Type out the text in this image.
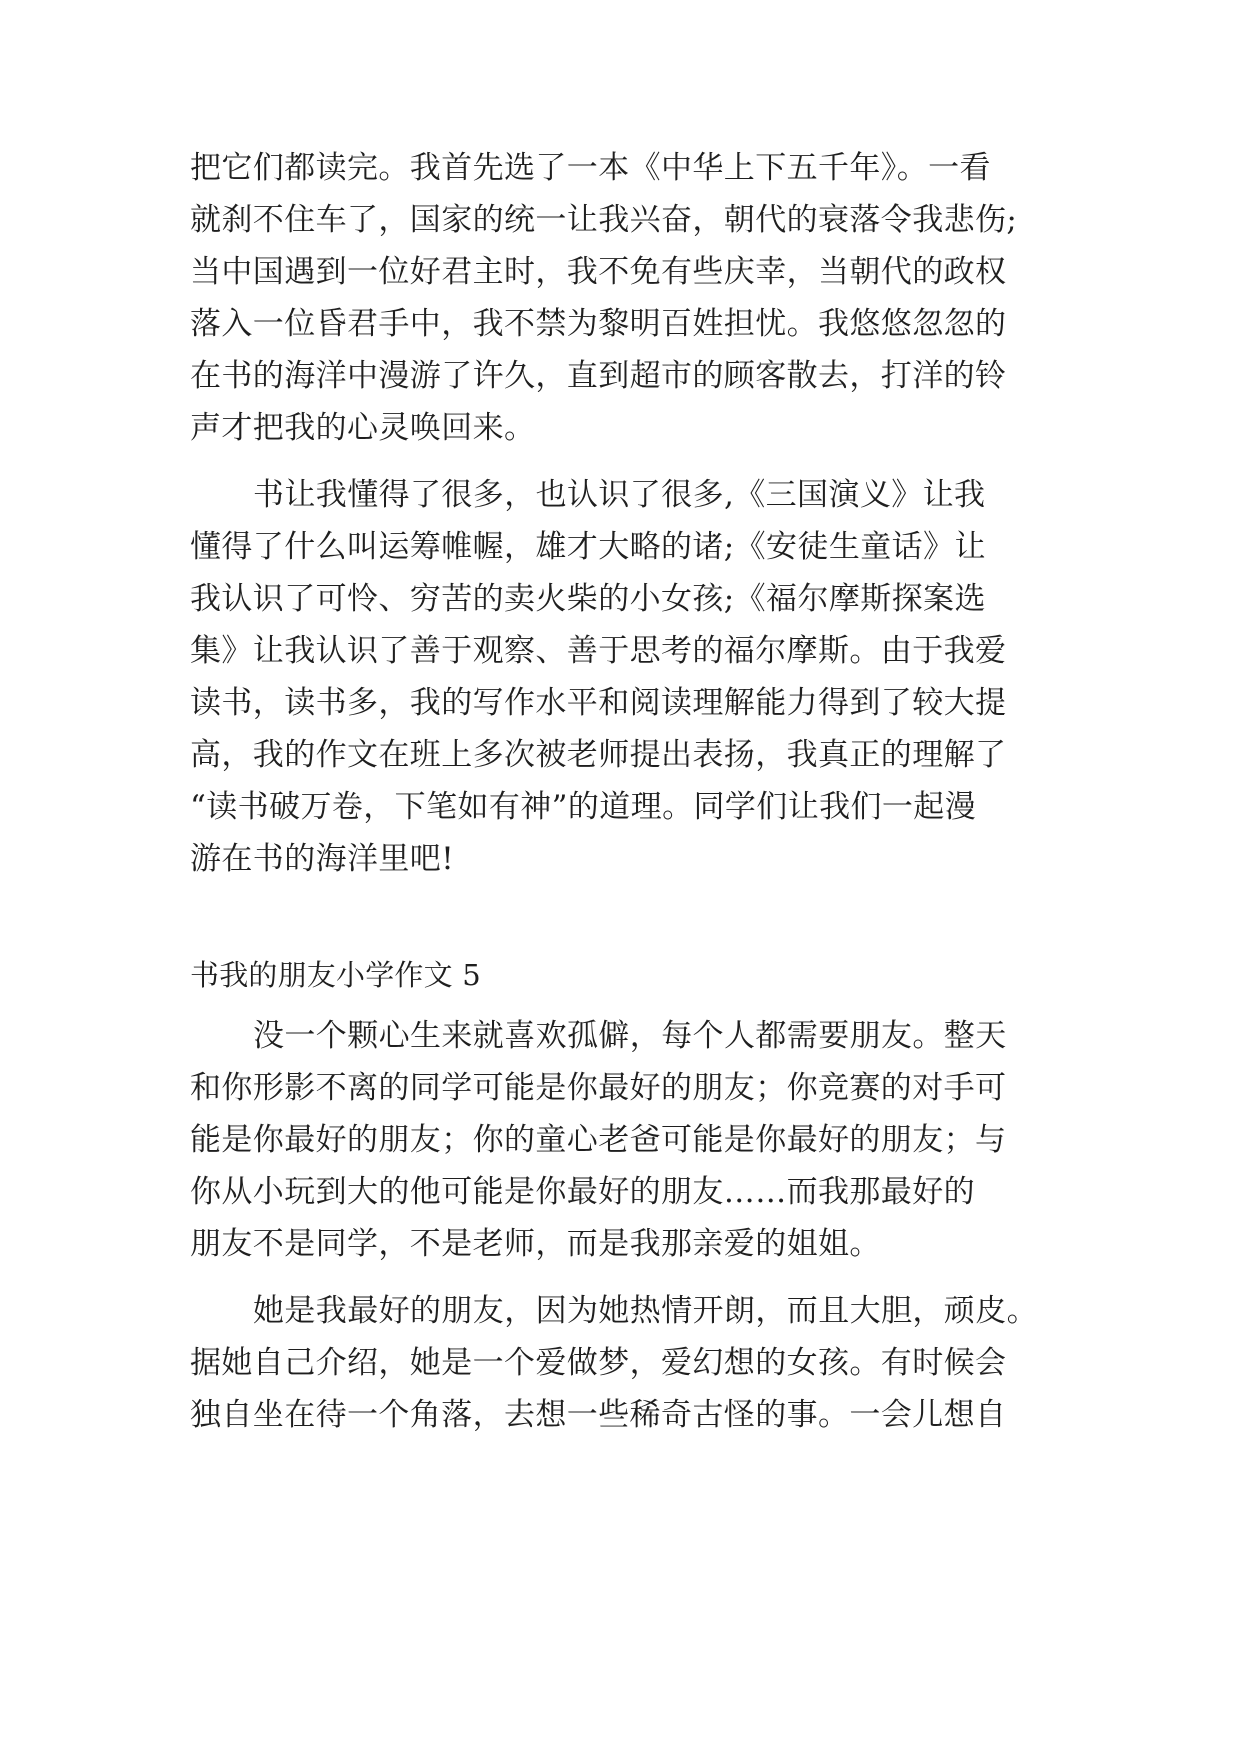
把它们都读完。我首先选了一本《中华上下五千年》。一看
就刹不住车了，国家的统一让我兴奋，朝代的衰落令我悲伤;
当中国遇到一位好君主时，我不免有些庆幸，当朝代的政权
落入一位昏君手中，我不禁为黎明百姓担忧。我悠悠忽忽的
在书的海洋中漫游了许久，直到超市的顾客散去，打洋的铃
声才把我的心灵唤回来。
书让我懂得了很多，也认识了很多,《三国演义》让我
懂得了什么叫运筹帷幄，雄才大略的诸;《安徒生童话》让
我认识了可怜、穷苦的卖火柴的小女孩;《福尔摩斯探案选
集》让我认识了善于观察、善于思考的福尔摩斯。由于我爱
读书，读书多，我的写作水平和阅读理解能力得到了较大提
高，我的作文在班上多次被老师提出表扬，我真正的理解了
“读书破万卷，下笔如有神”的道理。同学们让我们一起漫
游在书的海洋里吧!
书我的朋友小学作文 5
没一个颗心生来就喜欢孤僻，每个人都需要朋友。整天
和你形影不离的同学可能是你最好的朋友；你竞赛的对手可
能是你最好的朋友；你的童心老爸可能是你最好的朋友；与
你从小玩到大的他可能是你最好的朋友……而我那最好的
朋友不是同学，不是老师，而是我那亲爱的姐姐。
她是我最好的朋友，因为她热情开朗，而且大胆，顽皮。
据她自己介绍，她是一个爱做梦，爱幻想的女孩。有时候会
独自坐在待一个角落，去想一些稀奇古怪的事。一会儿想自
